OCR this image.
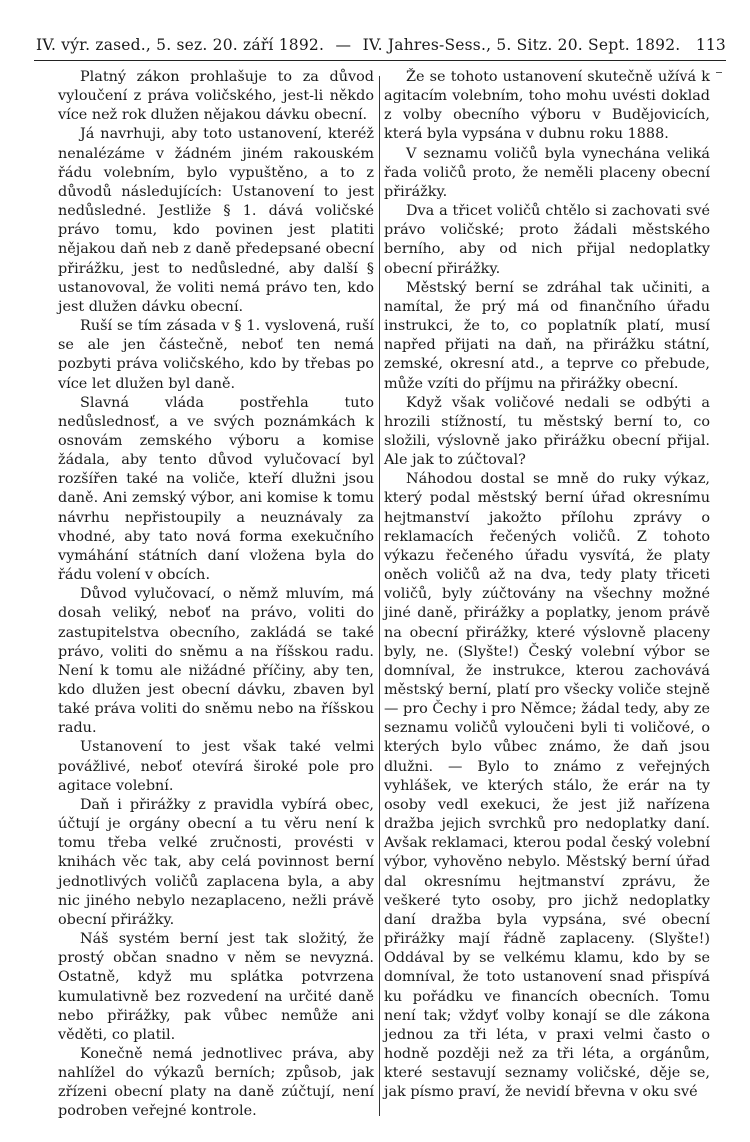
IV. výr. zased., 5. sez. 20. září 1892. — IV. Jahres-Sess., 5. Sitz. 20. Sept. 1892. 113

Platný zákon prohlašuje to za důvod vyloučení z práva voličského, jest-li někdo více než rok dlužen nějakou dávku obecní.

Já navrhuji, aby toto ustanovení, kteréž nenalézáme v žádném jiném rakouském řádu volebním, bylo vypuštěno, a to z důvodů následujících: Ustanovení to jest nedůsledné. Jestliže § 1. dává voličské právo tomu, kdo povinen jest platiti nějakou daň neb z daně předepsané obecní přirážku, jest to nedůsledné, aby další § ustanovoval, že voliti nemá právo ten, kdo jest dlužen dávku obecní.

Ruší se tím zásada v § 1. vyslovená, ruší se ale jen částečně, neboť ten nemá pozbyti práva voličského, kdo by třebas po více let dlužen byl daně.

Slavná vláda postřehla tuto nedůslednosť, a ve svých poznámkách k osnovám zemského výboru a komise žádala, aby tento důvod vylučovací byl rozšířen také na voliče, kteří dlužni jsou daně. Ani zemský výbor, ani komise k tomu návrhu nepřistoupily a neuznávaly za vhodné, aby tato nová forma exekučního vymáhání státních daní vložena byla do řádu volení v obcích.

Důvod vylučovací, o němž mluvím, má dosah veliký, neboť na právo, voliti do zastupitelstva obecního, zakládá se také právo, voliti do sněmu a na říšskou radu. Není k tomu ale nižádné příčiny, aby ten, kdo dlužen jest obecní dávku, zbaven byl také práva voliti do sněmu nebo na říšskou radu.

Ustanovení to jest však také velmi povážlivé, neboť otevírá široké pole pro agitace volební.

Daň i přirážky z pravidla vybírá obec, účtují je orgány obecní a tu věru není k tomu třeba velké zručnosti, provésti v knihách věc tak, aby celá povinnost berní jednotlivých voličů zaplacena byla, a aby nic jiného nebylo nezaplaceno, nežli právě obecní přirážky.

Náš systém berní jest tak složitý, že prostý občan snadno v něm se nevyzná. Ostatně, když mu splátka potvrzena kumulativně bez rozvedení na určité daně nebo přirážky, pak vůbec nemůže ani věděti, co platil.

Konečně nemá jednotlivec práva, aby nahlížel do výkazů berních; způsob, jak zřízeni obecní platy na daně zúčtují, není podroben veřejné kontrole.

Že se tohoto ustanovení skutečně užívá k agitacím volebním, toho mohu uvésti doklad z volby obecního výboru v Budějovicích, která byla vypsána v dubnu roku 1888.

V seznamu voličů byla vynechána veliká řada voličů proto, že neměli placeny obecní přirážky.

Dva a třicet voličů chtělo si zachovati své právo voličské; proto žádali městského berního, aby od nich přijal nedoplatky obecní přirážky.

Městský berní se zdráhal tak učiniti, a namítal, že prý má od finančního úřadu instrukci, že to, co poplatník platí, musí napřed přijati na daň, na přirážku státní, zemské, okresní atd., a teprve co přebude, může vzíti do příjmu na přirážky obecní.

Když však voličové nedali se odbýti a hrozili stížností, tu městský berní to, co složili, výslovně jako přirážku obecní přijal. Ale jak to zúčtoval?

Náhodou dostal se mně do ruky výkaz, který podal městský berní úřad okresnímu hejtmanství jakožto přílohu zprávy o reklamacích řečených voličů. Z tohoto výkazu řečeného úřadu vysvítá, že platy oněch voličů až na dva, tedy platy třiceti voličů, byly zúčtovány na všechny možné jiné daně, přirážky a poplatky, jenom právě na obecní přirážky, které výslovně placeny byly, ne. (Slyšte!) Český volební výbor se domníval, že instrukce, kterou zachovává městský berní, platí pro všecky voliče stejně — pro Čechy i pro Němce; žádal tedy, aby ze seznamu voličů vyloučeni byli ti voličové, o kterých bylo vůbec známo, že daň jsou dlužni. — Bylo to známo z veřejných vyhlášek, ve kterých stálo, že erár na ty osoby vedl exekuci, že jest již nařízena dražba jejich svrchků pro nedoplatky daní. Avšak reklamaci, kterou podal český volební výbor, vyhověno nebylo. Městský berní úřad dal okresnímu hejtmanství zprávu, že veškeré tyto osoby, pro jichž nedoplatky daní dražba byla vypsána, své obecní přirážky mají řádně zaplaceny. (Slyšte!) Oddával by se velkému klamu, kdo by se domníval, že toto ustanovení snad přispívá ku pořádku ve financích obecních. Tomu není tak; vždyť volby konají se dle zákona jednou za tři léta, v praxi velmi často o hodně později než za tři léta, a orgánům, které sestavují seznamy voličské, děje se, jak písmo praví, že nevidí břevna v oku své
